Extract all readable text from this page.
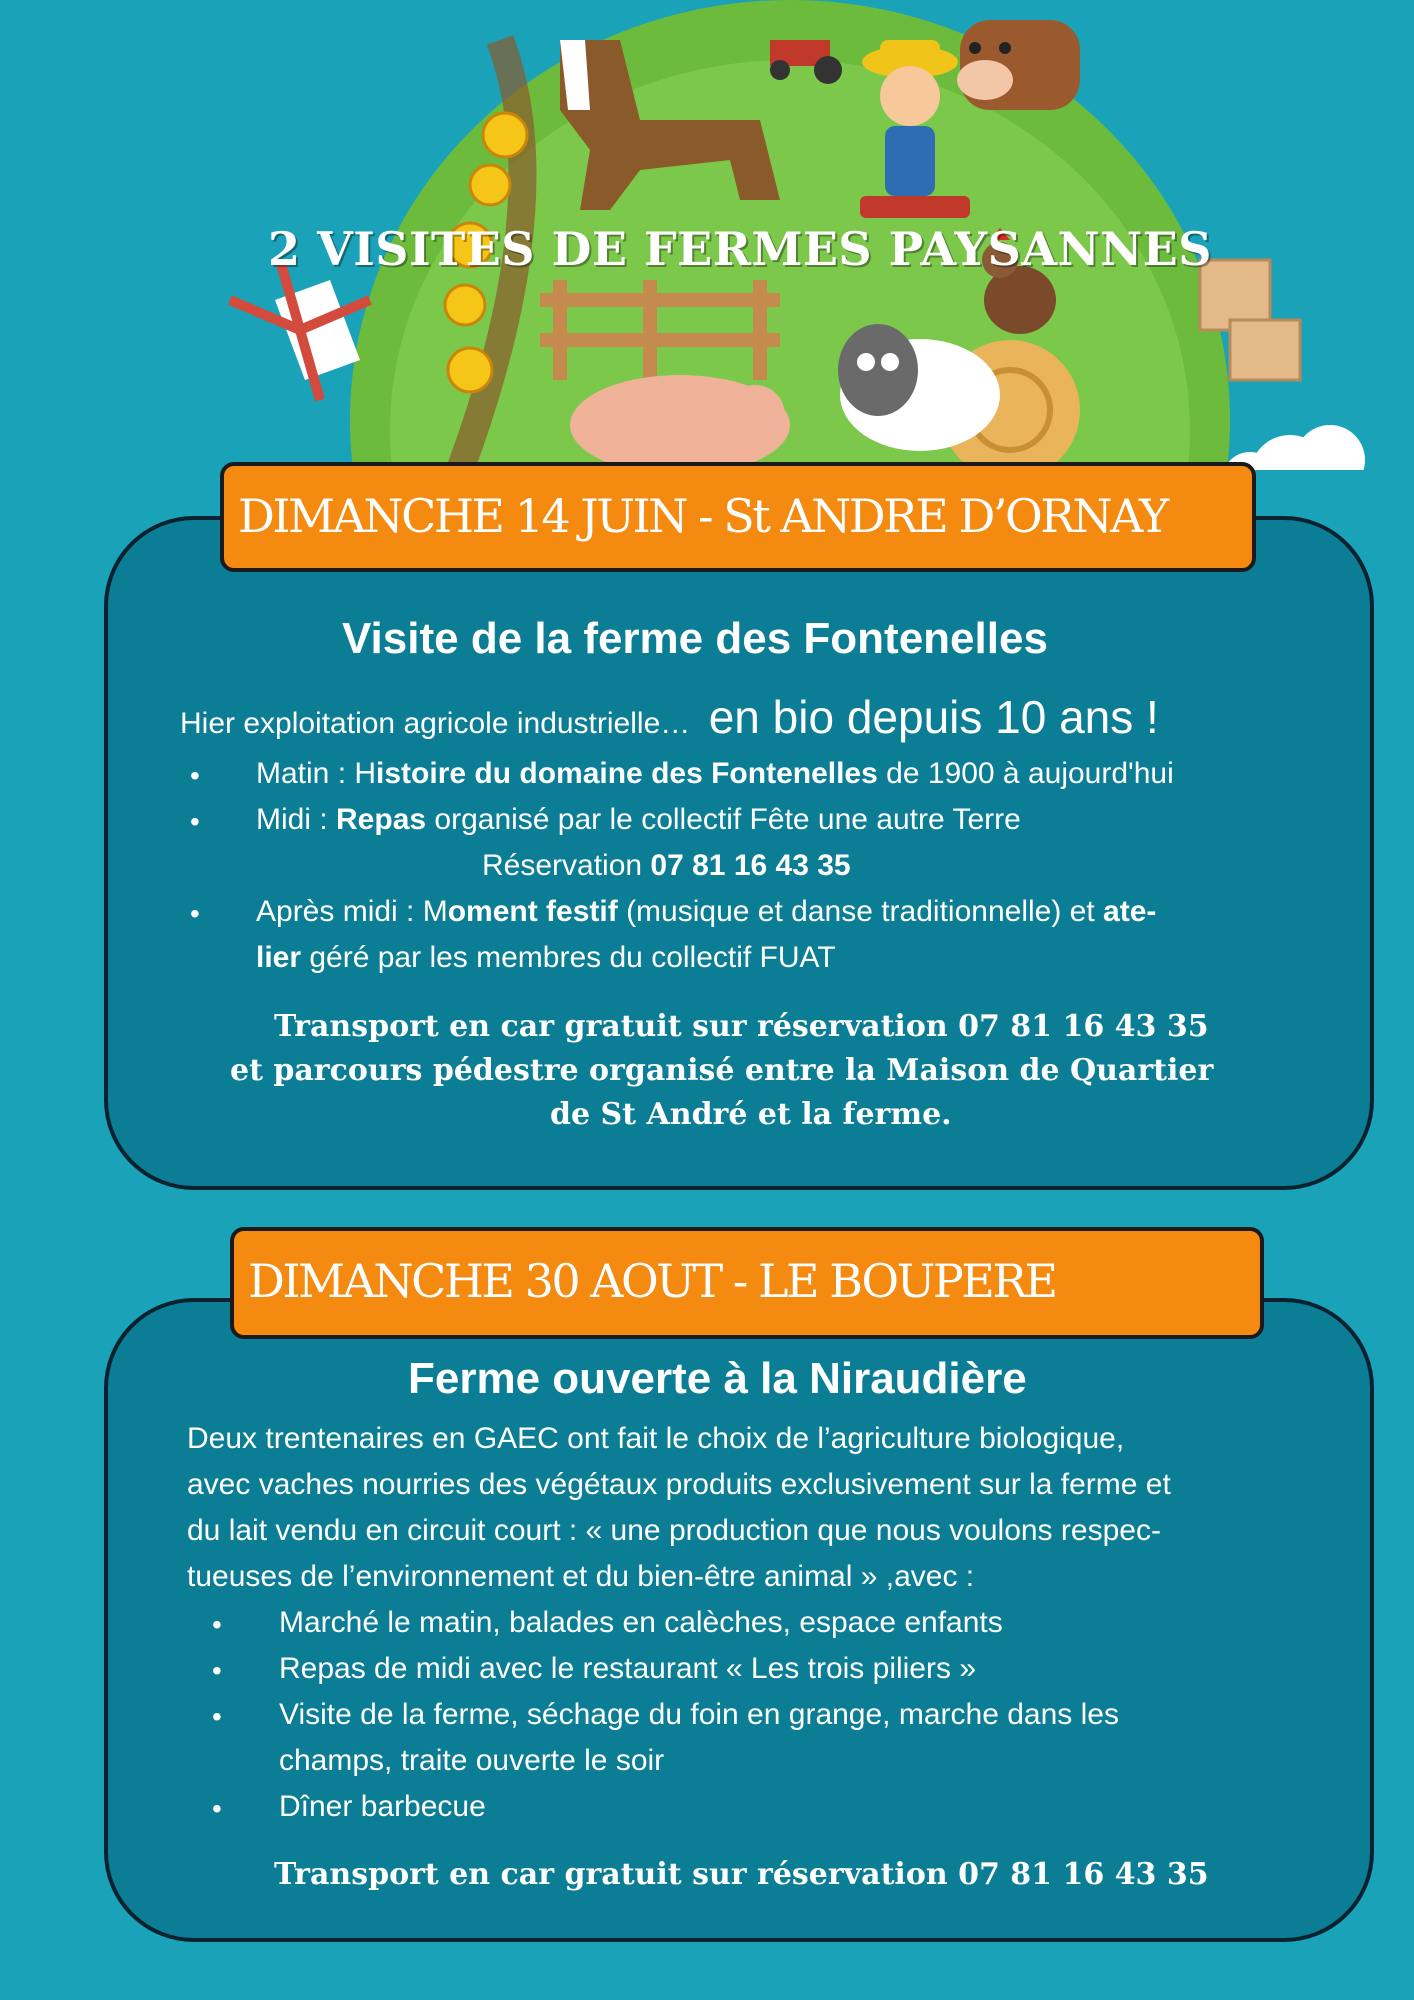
2 VISITES DE FERMES PAYSANNES
DIMANCHE 14 JUIN - St ANDRE D’ORNAY
Visite de la ferme des Fontenelles
Hier exploitation agricole industrielle… en bio depuis 10 ans !
• Matin : Histoire du domaine des Fontenelles de 1900 à aujourd'hui
• Midi : Repas organisé par le collectif Fête une autre Terre
Réservation 07 81 16 43 35
• Après midi : Moment festif (musique et danse traditionnelle) et ate-
lier géré par les membres du collectif FUAT
Transport en car gratuit sur réservation 07 81 16 43 35
et parcours pédestre organisé entre la Maison de Quartier
de St André et la ferme.
DIMANCHE 30 AOUT - LE BOUPERE
Ferme ouverte à la Niraudière
Deux trentenaires en GAEC ont fait le choix de l’agriculture biologique,
avec vaches nourries des végétaux produits exclusivement sur la ferme et
du lait vendu en circuit court : « une production que nous voulons respec-
tueuses de l’environnement et du bien-être animal » ,avec :
• Marché le matin, balades en calèches, espace enfants
• Repas de midi avec le restaurant « Les trois piliers »
• Visite de la ferme, séchage du foin en grange, marche dans les
champs, traite ouverte le soir
• Dîner barbecue
Transport en car gratuit sur réservation 07 81 16 43 35
